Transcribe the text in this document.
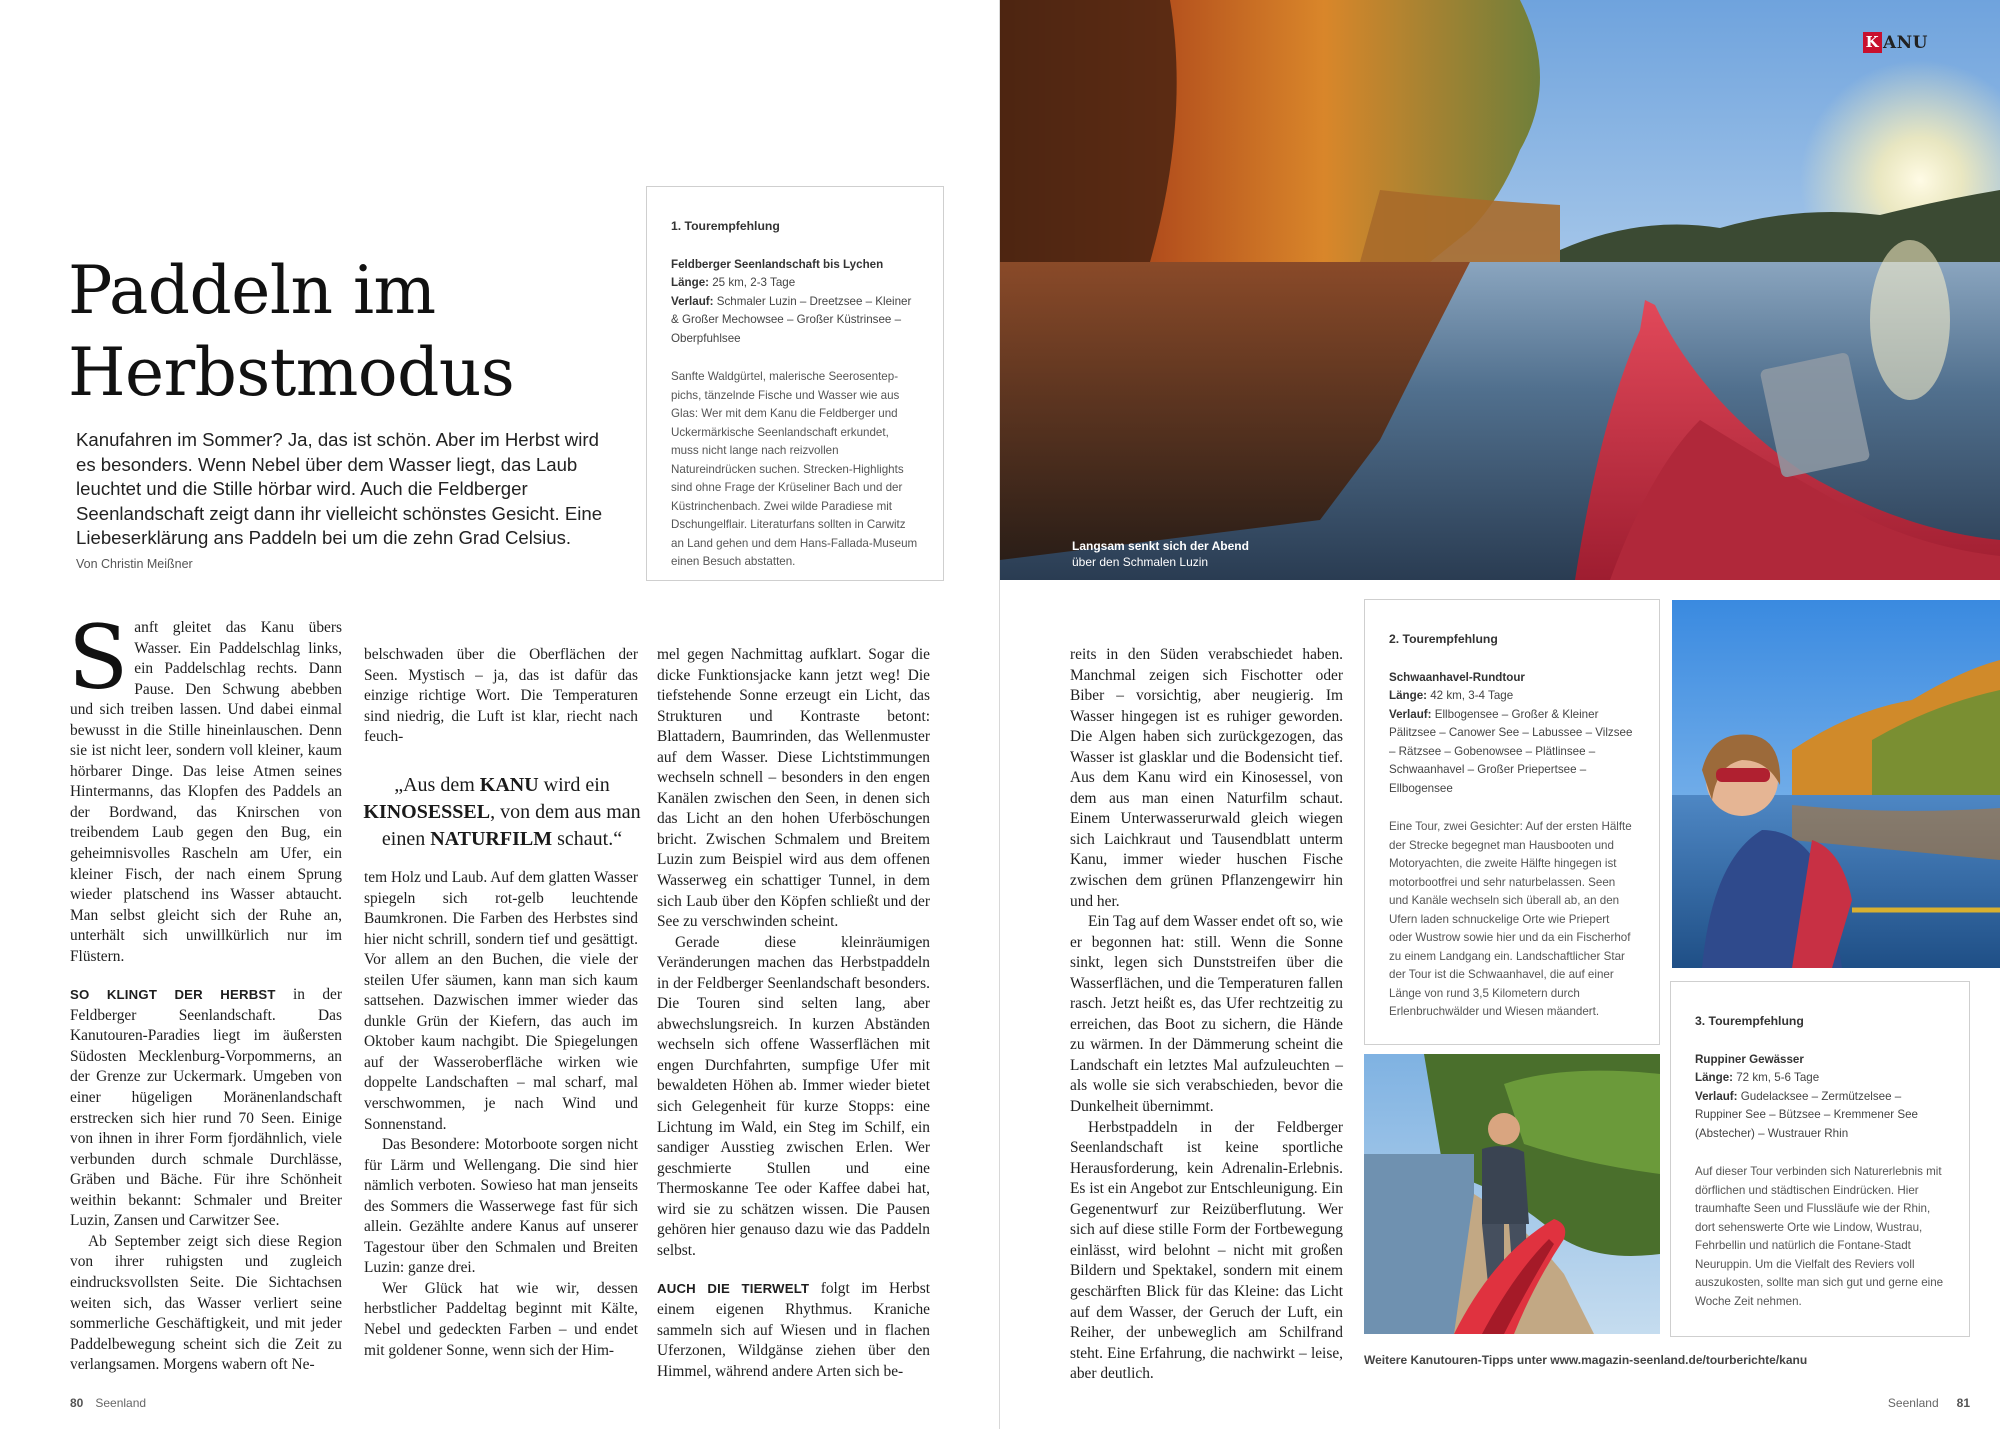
Paddeln im
Herbstmodus

Kanufahren im Sommer? Ja, das ist schön. Aber im Herbst wird es besonders. Wenn Nebel über dem Wasser liegt, das Laub leuchtet und die Stille hörbar wird. Auch die Feldberger Seenlandschaft zeigt dann ihr vielleicht schönstes Gesicht. Eine Liebeserklärung ans Paddeln bei um die zehn Grad Celsius.

Von Christin Meißner

1. Tourempfehlung
Feldberger Seenlandschaft bis Lychen
Länge: 25 km, 2-3 Tage
Verlauf: Schmaler Luzin – Dreetzsee – Kleiner & Großer Mechowsee – Großer Küstrinsee – Oberpfuhlsee
Sanfte Waldgürtel, malerische Seerosentep-pichs, tänzelnde Fische und Wasser wie aus Glas: Wer mit dem Kanu die Feldberger und Uckermärkische Seenlandschaft erkundet, muss nicht lange nach reizvollen Natureindrücken suchen. Strecken-Highlights sind ohne Frage der Krüseliner Bach und der Küstrinchenbach. Zwei wilde Paradiese mit Dschungelflair. Literaturfans sollten in Carwitz an Land gehen und dem Hans-Fallada-Museum einen Besuch abstatten.

Sanft gleitet das Kanu übers Wasser. Ein Paddelschlag links, ein Paddelschlag rechts. Dann Pause. Den Schwung abebben und sich treiben lassen. Und dabei einmal bewusst in die Stille hineinlauschen. Denn sie ist nicht leer, sondern voll kleiner, kaum hörbarer Dinge. Das leise Atmen seines Hintermanns, das Klopfen des Paddels an der Bordwand, das Knirschen von treibendem Laub gegen den Bug, ein geheimnisvolles Rascheln am Ufer, ein kleiner Fisch, der nach einem Sprung wieder platschend ins Wasser abtaucht. Man selbst gleicht sich der Ruhe an, unterhält sich unwillkürlich nur im Flüstern.

SO KLINGT DER HERBST in der Feldberger Seenlandschaft. Das Kanutouren-Paradies liegt im äußersten Südosten Mecklenburg-Vorpommerns, an der Grenze zur Uckermark. Umgeben von einer hügeligen Moränenlandschaft erstrecken sich hier rund 70 Seen. Einige von ihnen in ihrer Form fjordähnlich, viele verbunden durch schmale Durchlässe, Gräben und Bäche. Für ihre Schönheit weithin bekannt: Schmaler und Breiter Luzin, Zansen und Carwitzer See.

Ab September zeigt sich diese Region von ihrer ruhigsten und zugleich eindrucksvollsten Seite. Die Sichtachsen weiten sich, das Wasser verliert seine sommerliche Geschäftigkeit, und mit jeder Paddelbewegung scheint sich die Zeit zu verlangsamen. Morgens wabern oft Ne-

belschwaden über die Oberflächen der Seen. Mystisch – ja, das ist dafür das einzige richtige Wort. Die Temperaturen sind niedrig, die Luft ist klar, riecht nach feuch-

„Aus dem KANU wird ein KINOSESSEL, von dem aus man einen NATURFILM schaut.“

tem Holz und Laub. Auf dem glatten Wasser spiegeln sich rot-gelb leuchtende Baumkronen. Die Farben des Herbstes sind hier nicht schrill, sondern tief und gesättigt. Vor allem an den Buchen, die viele der steilen Ufer säumen, kann man sich kaum sattsehen. Dazwischen immer wieder das dunkle Grün der Kiefern, das auch im Oktober kaum nachgibt. Die Spiegelungen auf der Wasseroberfläche wirken wie doppelte Landschaften – mal scharf, mal verschwommen, je nach Wind und Sonnenstand.

Das Besondere: Motorboote sorgen nicht für Lärm und Wellengang. Die sind hier nämlich verboten. Sowieso hat man jenseits des Sommers die Wasserwege fast für sich allein. Gezählte andere Kanus auf unserer Tagestour über den Schmalen und Breiten Luzin: ganze drei.

Wer Glück hat wie wir, dessen herbstlicher Paddeltag beginnt mit Kälte, Nebel und gedeckten Farben – und endet mit goldener Sonne, wenn sich der Him-

mel gegen Nachmittag aufklart. Sogar die dicke Funktionsjacke kann jetzt weg! Die tiefstehende Sonne erzeugt ein Licht, das Strukturen und Kontraste betont: Blattadern, Baumrinden, das Wellenmuster auf dem Wasser. Diese Lichtstimmungen wechseln schnell – besonders in den engen Kanälen zwischen den Seen, in denen sich das Licht an den hohen Uferböschungen bricht. Zwischen Schmalem und Breitem Luzin zum Beispiel wird aus dem offenen Wasserweg ein schattiger Tunnel, in dem sich Laub über den Köpfen schließt und der See zu verschwinden scheint.

Gerade diese kleinräumigen Veränderungen machen das Herbstpaddeln in der Feldberger Seenlandschaft besonders. Die Touren sind selten lang, aber abwechslungsreich. In kurzen Abständen wechseln sich offene Wasserflächen mit engen Durchfahrten, sumpfige Ufer mit bewaldeten Höhen ab. Immer wieder bietet sich Gelegenheit für kurze Stopps: eine Lichtung im Wald, ein Steg im Schilf, ein sandiger Ausstieg zwischen Erlen. Wer geschmierte Stullen und eine Thermoskanne Tee oder Kaffee dabei hat, wird sie zu schätzen wissen. Die Pausen gehören hier genauso dazu wie das Paddeln selbst.

AUCH DIE TIERWELT folgt im Herbst einem eigenen Rhythmus. Kraniche sammeln sich auf Wiesen und in flachen Uferzonen, Wildgänse ziehen über den Himmel, während andere Arten sich be-

80 Seenland
K ANU
Langsam senkt sich der Abend
über den Schmalen Luzin
2. Tourempfehlung
Schwaanhavel-Rundtour
Länge: 42 km, 3-4 Tage
Verlauf: Ellbogensee – Großer & Kleiner Pälitzsee – Canower See – Labussee – Vilzsee – Rätzsee – Gobenowsee – Plätlinsee – Schwaanhavel – Großer Priepertsee – Ellbogensee
Eine Tour, zwei Gesichter: Auf der ersten Hälfte der Strecke begegnet man Hausbooten und Motoryachten, die zweite Hälfte hingegen ist motorbootfrei und sehr naturbelassen. Seen und Kanäle wechseln sich überall ab, an den Ufern laden schnuckelige Orte wie Priepert oder Wustrow sowie hier und da ein Fischerhof zu einem Landgang ein. Landschaftlicher Star der Tour ist die Schwaanhavel, die auf einer Länge von rund 3,5 Kilometern durch Erlenbruchwälder und Wiesen mäandert.
3. Tourempfehlung
Ruppiner Gewässer
Länge: 72 km, 5-6 Tage
Verlauf: Gudelacksee – Zermützelsee – Ruppiner See – Bützsee – Kremmener See (Abstecher) – Wustrauer Rhin
Auf dieser Tour verbinden sich Naturerlebnis mit dörflichen und städtischen Eindrücken. Hier traumhafte Seen und Flussläufe wie der Rhin, dort sehenswerte Orte wie Lindow, Wustrau, Fehrbellin und natürlich die Fontane-Stadt Neuruppin. Um die Vielfalt des Reviers voll auszukosten, sollte man sich gut und gerne eine Woche Zeit nehmen.
Weitere Kanutouren-Tipps unter www.magazin-seenland.de/tourberichte/kanu
Seenland 81

reits in den Süden verabschiedet haben. Manchmal zeigen sich Fischotter oder Biber – vorsichtig, aber neugierig. Im Wasser hingegen ist es ruhiger geworden. Die Algen haben sich zurückgezogen, das Wasser ist glasklar und die Bodensicht tief. Aus dem Kanu wird ein Kinosessel, von dem aus man einen Naturfilm schaut. Einem Unterwasserurwald gleich wiegen sich Laichkraut und Tausendblatt unterm Kanu, immer wieder huschen Fische zwischen dem grünen Pflanzengewirr hin und her.

Ein Tag auf dem Wasser endet oft so, wie er begonnen hat: still. Wenn die Sonne sinkt, legen sich Dunststreifen über die Wasserflächen, und die Temperaturen fallen rasch. Jetzt heißt es, das Ufer rechtzeitig zu erreichen, das Boot zu sichern, die Hände zu wärmen. In der Dämmerung scheint die Landschaft ein letztes Mal aufzuleuchten – als wolle sie sich verabschieden, bevor die Dunkelheit übernimmt.

Herbstpaddeln in der Feldberger Seenlandschaft ist keine sportliche Herausforderung, kein Adrenalin-Erlebnis. Es ist ein Angebot zur Entschleunigung. Ein Gegenentwurf zur Reizüberflutung. Wer sich auf diese stille Form der Fortbewegung einlässt, wird belohnt – nicht mit großen Bildern und Spektakel, sondern mit einem geschärften Blick für das Kleine: das Licht auf dem Wasser, der Geruch der Luft, ein Reiher, der unbeweglich am Schilfrand steht. Eine Erfahrung, die nachwirkt – leise, aber deutlich.
